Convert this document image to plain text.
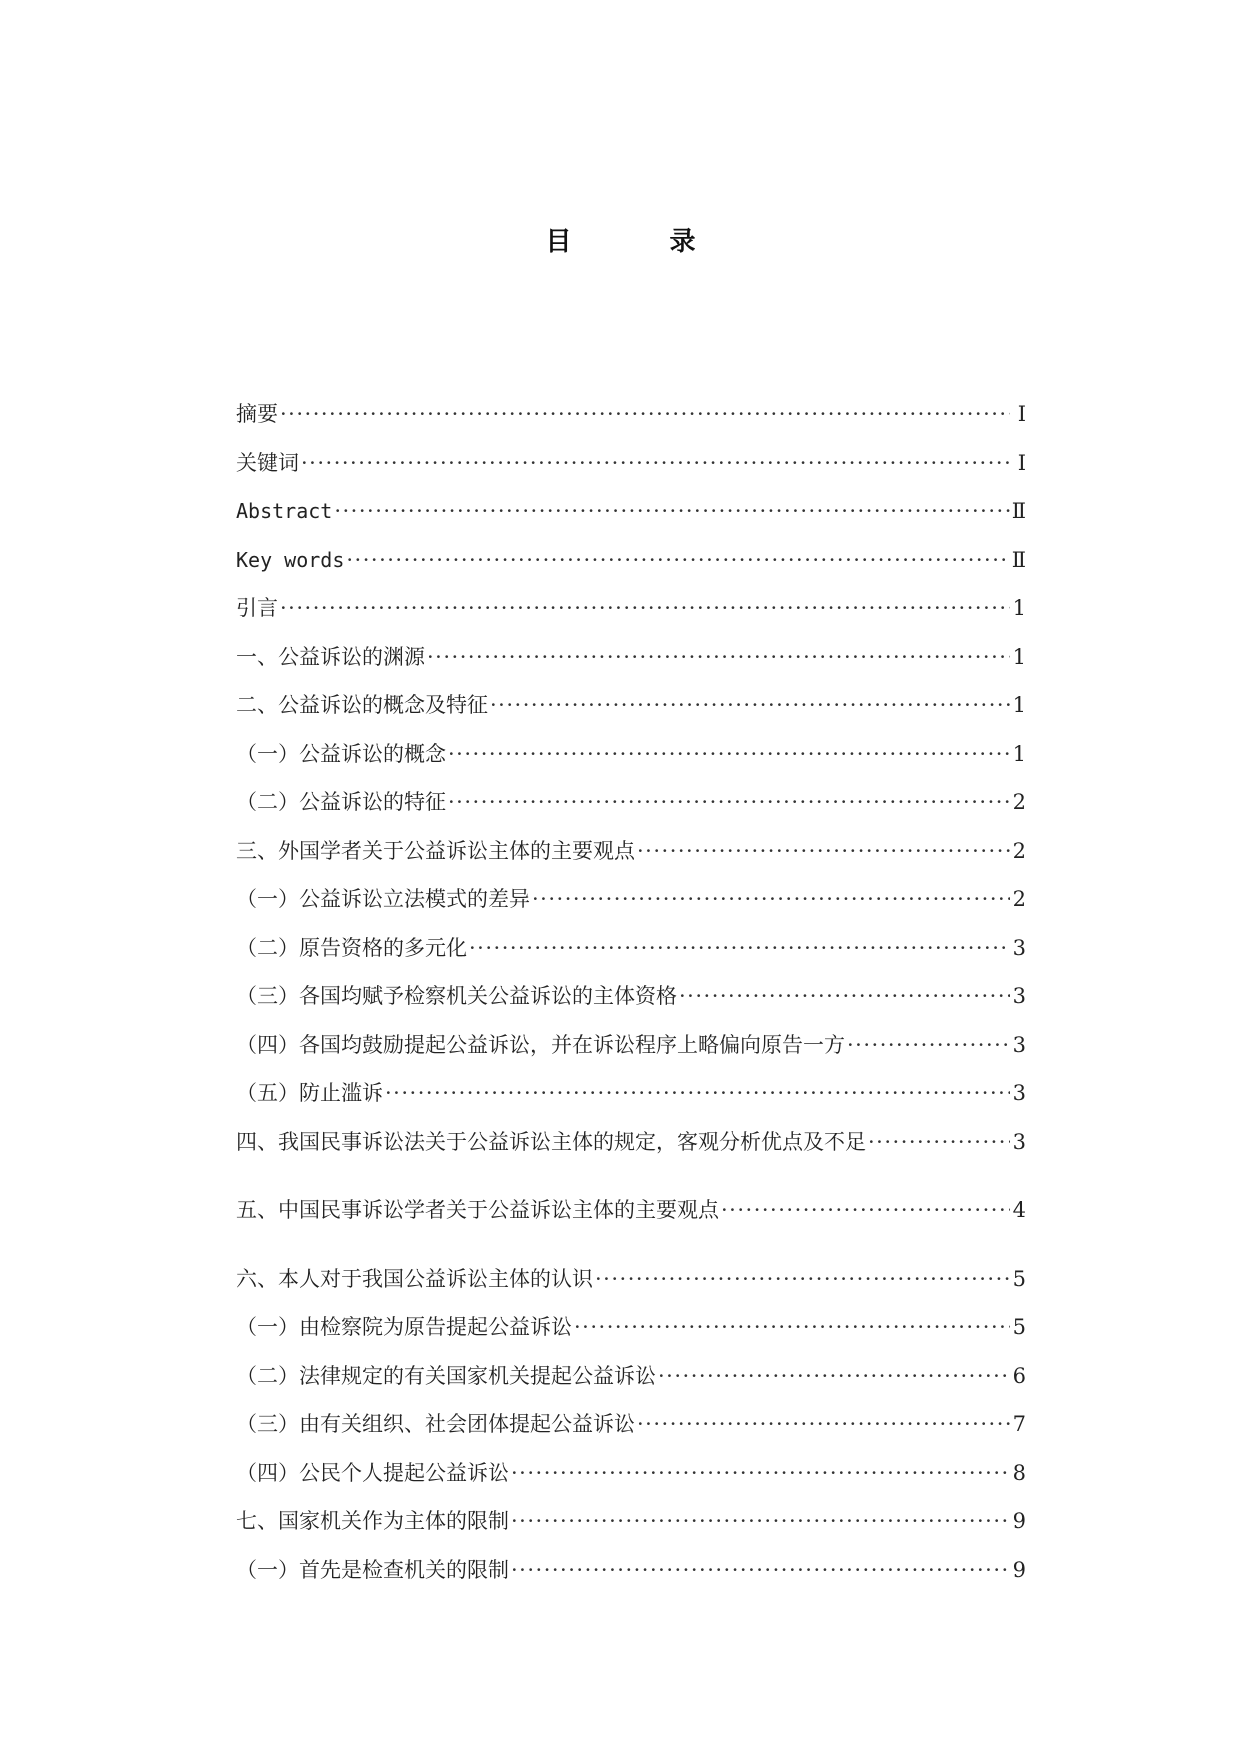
目　录
摘要 ·····	Ⅰ
关键词 ·····	Ⅰ
Abstract ·····	Ⅱ
Key words ·····	Ⅱ
引言 ·····	1
一、公益诉讼的渊源 ·····	1
二、公益诉讼的概念及特征 ·····	1
（一）公益诉讼的概念 ·····	1
（二）公益诉讼的特征 ·····	2
三、外国学者关于公益诉讼主体的主要观点 ·····	2
（一）公益诉讼立法模式的差异 ·····	2
（二）原告资格的多元化 ·····	3
（三）各国均赋予检察机关公益诉讼的主体资格 ·····	3
（四）各国均鼓励提起公益诉讼，并在诉讼程序上略偏向原告一方 ·····	3
（五）防止滥诉 ·····	3
四、我国民事诉讼法关于公益诉讼主体的规定，客观分析优点及不足 ·····	3
五、中国民事诉讼学者关于公益诉讼主体的主要观点 ·····	4
六、本人对于我国公益诉讼主体的认识 ·····	5
（一）由检察院为原告提起公益诉讼 ·····	5
（二）法律规定的有关国家机关提起公益诉讼 ·····	6
（三）由有关组织、社会团体提起公益诉讼 ·····	7
（四）公民个人提起公益诉讼 ·····	8
七、国家机关作为主体的限制 ·····	9
（一）首先是检查机关的限制 ·····	9
